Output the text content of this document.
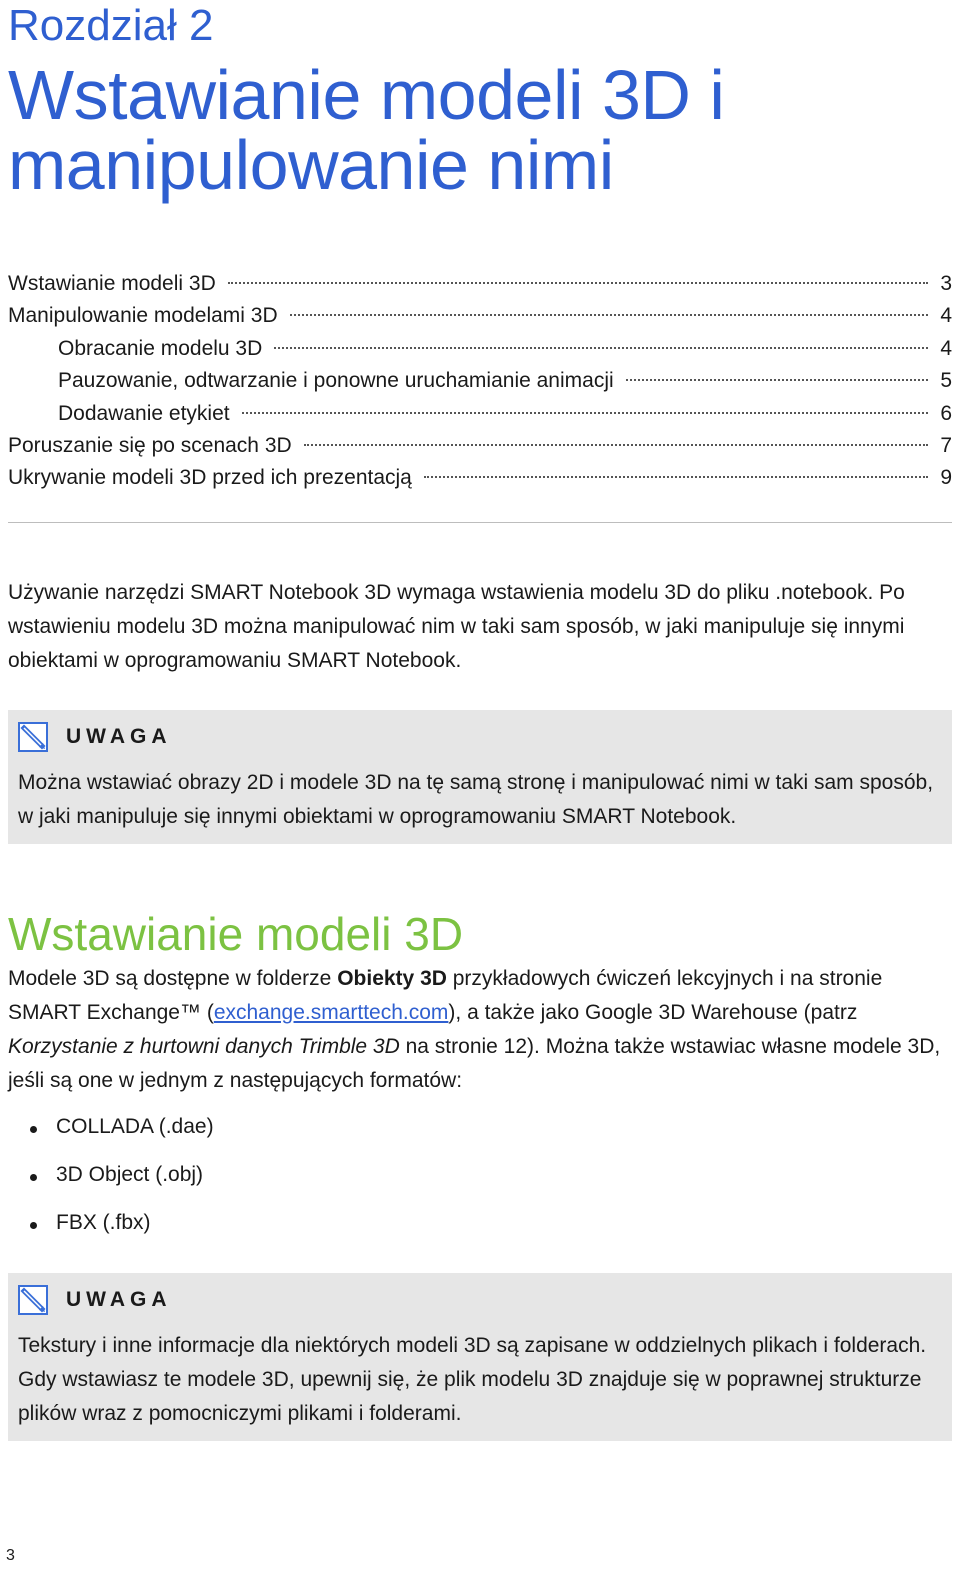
Rozdział 2
Wstawianie modeli 3D i manipulowanie nimi
Wstawianie modeli 3D	3
Manipulowanie modelami 3D	4
Obracanie modelu 3D	4
Pauzowanie, odtwarzanie i ponowne uruchamianie animacji	5
Dodawanie etykiet	6
Poruszanie się po scenach 3D	7
Ukrywanie modeli 3D przed ich prezentacją	9

Używanie narzędzi SMART Notebook 3D wymaga wstawienia modelu 3D do pliku .notebook. Po wstawieniu modelu 3D można manipulować nim w taki sam sposób, w jaki manipuluje się innymi obiektami w oprogramowaniu SMART Notebook.

UWAGA

Można wstawiać obrazy 2D i modele 3D na tę samą stronę i manipulować nimi w taki sam sposób, w jaki manipuluje się innymi obiektami w oprogramowaniu SMART Notebook.

Wstawianie modeli 3D

Modele 3D są dostępne w folderze Obiekty 3D przykładowych ćwiczeń lekcyjnych i na stronie SMART Exchange™ (exchange.smarttech.com), a także jako Google 3D Warehouse (patrz Korzystanie z hurtowni danych Trimble 3D na stronie 12). Można także wstawiac własne modele 3D, jeśli są one w jednym z następujących formatów:

COLLADA (.dae)
3D Object (.obj)
FBX (.fbx)
UWAGA

Tekstury i inne informacje dla niektórych modeli 3D są zapisane w oddzielnych plikach i folderach. Gdy wstawiasz te modele 3D, upewnij się, że plik modelu 3D znajduje się w poprawnej strukturze plików wraz z pomocniczymi plikami i folderami.

3
